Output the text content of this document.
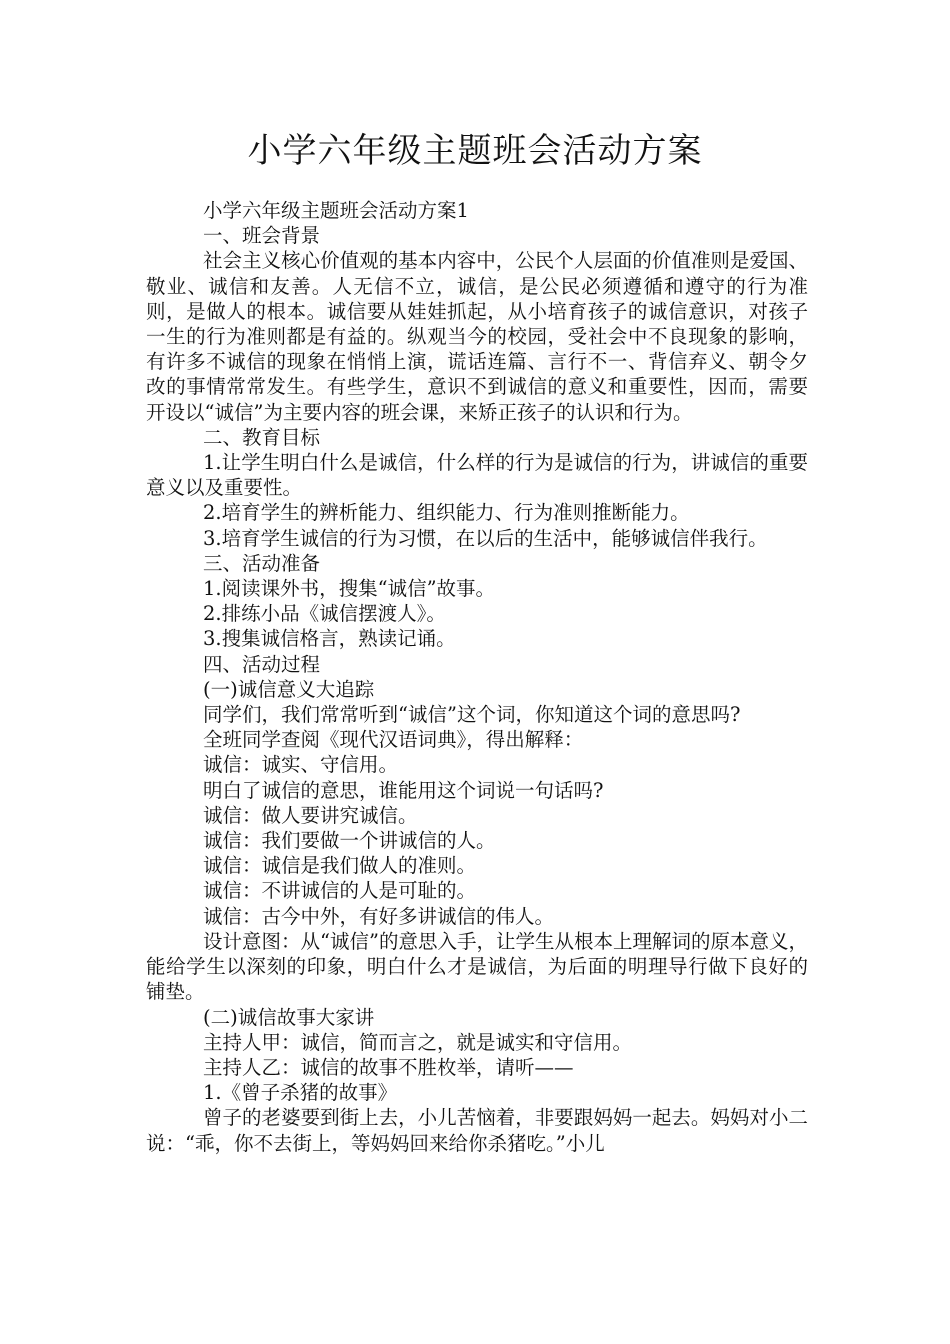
小学六年级主题班会活动方案

小学六年级主题班会活动方案1

一、班会背景

社会主义核心价值观的基本内容中，公民个人层面的价值准则是爱国、敬业、诚信和友善。人无信不立，诚信，是公民必须遵循和遵守的行为准则，是做人的根本。诚信要从娃娃抓起，从小培育孩子的诚信意识，对孩子一生的行为准则都是有益的。纵观当今的校园，受社会中不良现象的影响，有许多不诚信的现象在悄悄上演，谎话连篇、言行不一、背信弃义、朝令夕改的事情常常发生。有些学生，意识不到诚信的意义和重要性，因而，需要开设以“诚信”为主要内容的班会课，来矫正孩子的认识和行为。

二、教育目标

1.让学生明白什么是诚信，什么样的行为是诚信的行为，讲诚信的重要意义以及重要性。

2.培育学生的辨析能力、组织能力、行为准则推断能力。

3.培育学生诚信的行为习惯，在以后的生活中，能够诚信伴我行。

三、活动准备

1.阅读课外书，搜集“诚信”故事。

2.排练小品《诚信摆渡人》。

3.搜集诚信格言，熟读记诵。

四、活动过程

(一)诚信意义大追踪

同学们，我们常常听到“诚信”这个词，你知道这个词的意思吗?

全班同学查阅《现代汉语词典》，得出解释：

诚信：诚实、守信用。

明白了诚信的意思，谁能用这个词说一句话吗?

诚信：做人要讲究诚信。

诚信：我们要做一个讲诚信的人。

诚信：诚信是我们做人的准则。

诚信：不讲诚信的人是可耻的。

诚信：古今中外，有好多讲诚信的伟人。

设计意图：从“诚信”的意思入手，让学生从根本上理解词的原本意义，能给学生以深刻的印象，明白什么才是诚信，为后面的明理导行做下良好的铺垫。

(二)诚信故事大家讲

主持人甲：诚信，简而言之，就是诚实和守信用。

主持人乙：诚信的故事不胜枚举，请听——

1.《曾子杀猪的故事》

曾子的老婆要到街上去，小儿苦恼着，非要跟妈妈一起去。妈妈对小二说：“乖，你不去街上，等妈妈回来给你杀猪吃。”小儿
